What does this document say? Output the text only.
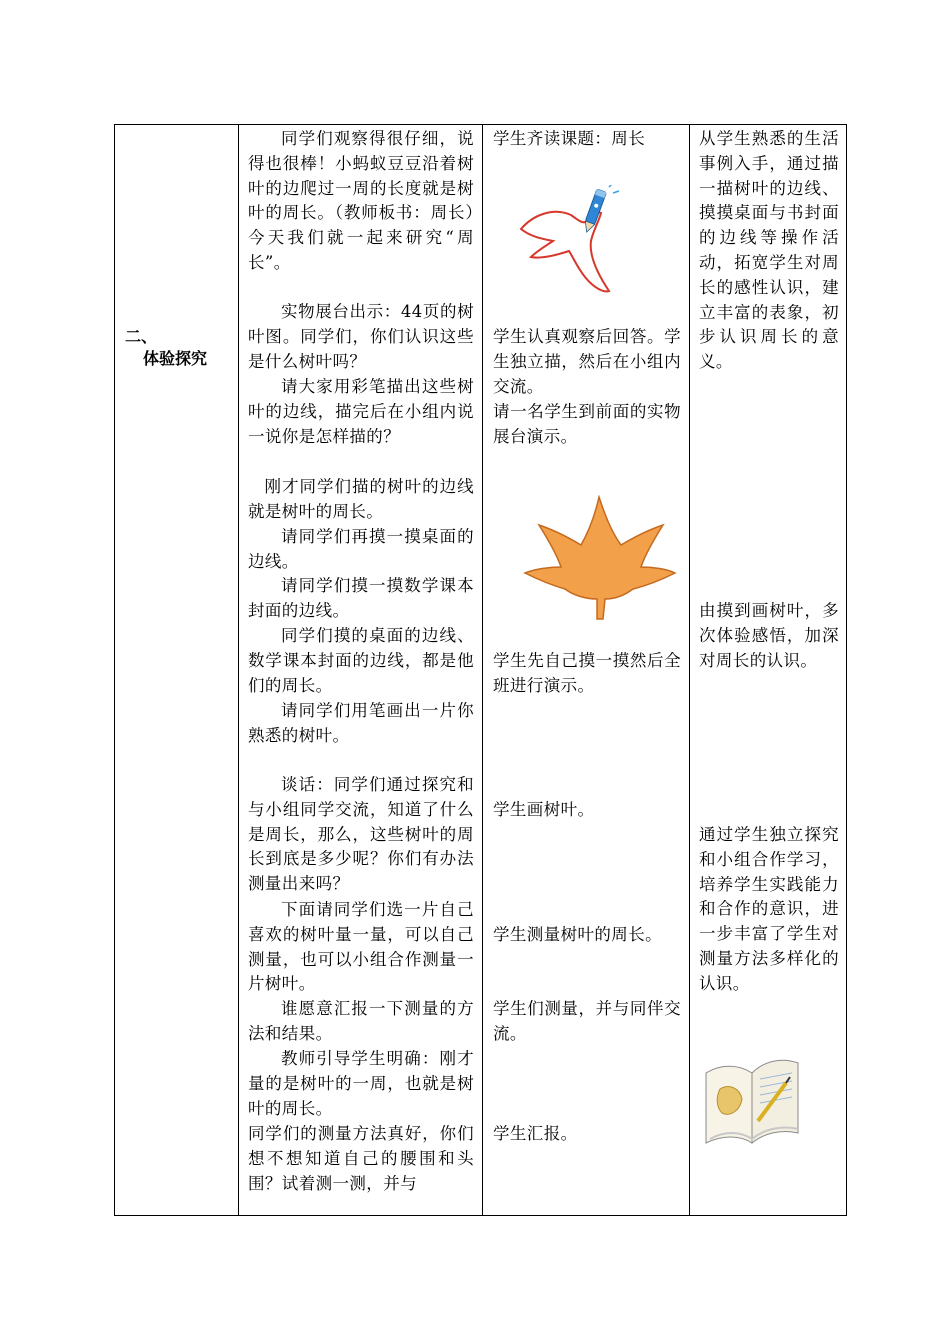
二、

体验探究

同学们观察得很仔细，说得也很棒！小蚂蚁豆豆沿着树叶的边爬过一周的长度就是树叶的周长。（教师板书：周长）今天我们就一起来研究“周长”。

实物展台出示：44页的树叶图。同学们，你们认识这些是什么树叶吗？

请大家用彩笔描出这些树叶的边线，描完后在小组内说一说你是怎样描的？

刚才同学们描的树叶的边线就是树叶的周长。

请同学们再摸一摸桌面的边线。

请同学们摸一摸数学课本封面的边线。

同学们摸的桌面的边线、数学课本封面的边线，都是他们的周长。

请同学们用笔画出一片你熟悉的树叶。

谈话：同学们通过探究和与小组同学交流，知道了什么是周长，那么，这些树叶的周长到底是多少呢？你们有办法测量出来吗？

下面请同学们选一片自己喜欢的树叶量一量，可以自己测量，也可以小组合作测量一片树叶。

谁愿意汇报一下测量的方法和结果。

教师引导学生明确：刚才量的是树叶的一周，也就是树叶的周长。

同学们的测量方法真好，你们想不想知道自己的腰围和头围？试着测一测，并与

学生齐读课题：周长

学生认真观察后回答。学生独立描，然后在小组内交流。

请一名学生到前面的实物展台演示。

学生先自己摸一摸然后全班进行演示。

学生画树叶。

学生测量树叶的周长。

学生们测量，并与同伴交流。

学生汇报。

从学生熟悉的生活事例入手，通过描一描树叶的边线、摸摸桌面与书封面的边线等操作活动，拓宽学生对周长的感性认识，建立丰富的表象，初步认识周长的意义。

由摸到画树叶，多次体验感悟，加深对周长的认识。

通过学生独立探究和小组合作学习，培养学生实践能力和合作的意识，进一步丰富了学生对测量方法多样化的认识。
